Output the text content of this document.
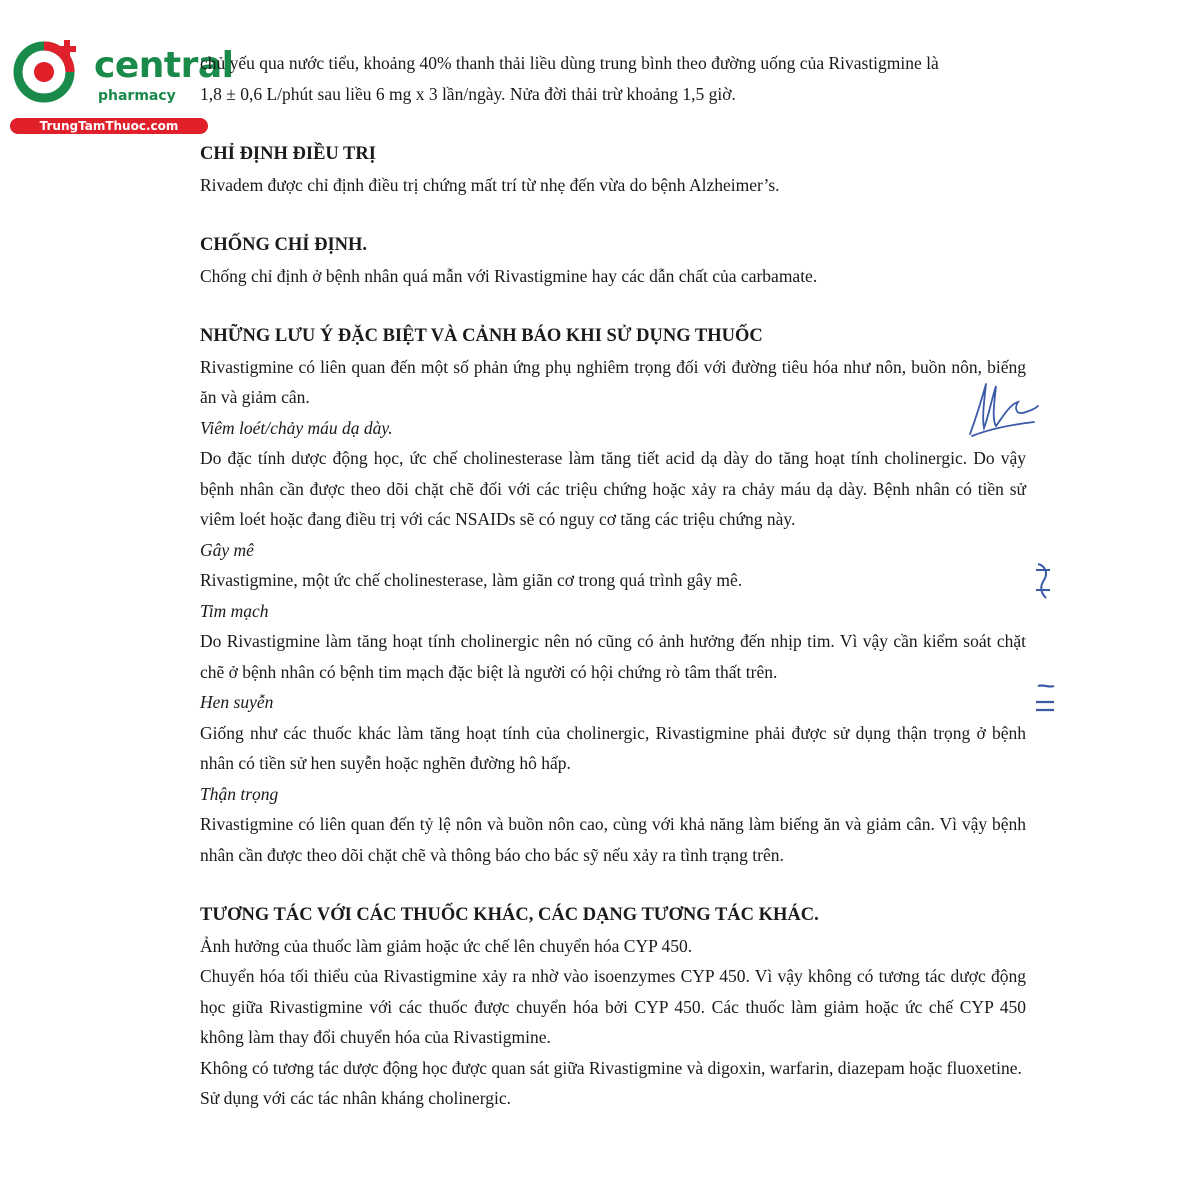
central
pharmacy
TrungTamThuoc.com

chủ yếu qua nước tiểu, khoảng 40% thanh thải liều dùng trung bình theo đường uống của Rivastigmine là

1,8 ± 0,6 L/phút sau liều 6 mg x 3 lần/ngày. Nửa đời thải trừ khoảng 1,5 giờ.

CHỈ ĐỊNH ĐIỀU TRỊ

Rivadem được chỉ định điều trị chứng mất trí từ nhẹ đến vừa do bệnh Alzheimer’s.

CHỐNG CHỈ ĐỊNH.

Chống chỉ định ở bệnh nhân quá mẫn với Rivastigmine hay các dẫn chất của carbamate.

NHỮNG LƯU Ý ĐẶC BIỆT VÀ CẢNH BÁO KHI SỬ DỤNG THUỐC

Rivastigmine có liên quan đến một số phản ứng phụ nghiêm trọng đối với đường tiêu hóa như nôn, buồn nôn, biếng ăn và giảm cân.

Viêm loét/chảy máu dạ dày.

Do đặc tính dược động học, ức chế cholinesterase làm tăng tiết acid dạ dày do tăng hoạt tính cholinergic. Do vậy bệnh nhân cần được theo dõi chặt chẽ đối với các triệu chứng hoặc xảy ra chảy máu dạ dày. Bệnh nhân có tiền sử viêm loét hoặc đang điều trị với các NSAIDs sẽ có nguy cơ tăng các triệu chứng này.

Gây mê

Rivastigmine, một ức chế cholinesterase, làm giãn cơ trong quá trình gây mê.

Tim mạch

Do Rivastigmine làm tăng hoạt tính cholinergic nên nó cũng có ảnh hưởng đến nhịp tim. Vì vậy cần kiểm soát chặt chẽ ở bệnh nhân có bệnh tim mạch đặc biệt là người có hội chứng rò tâm thất trên.

Hen suyễn

Giống như các thuốc khác làm tăng hoạt tính của cholinergic, Rivastigmine phải được sử dụng thận trọng ở bệnh nhân có tiền sử hen suyễn hoặc nghẽn đường hô hấp.

Thận trọng

Rivastigmine có liên quan đến tỷ lệ nôn và buồn nôn cao, cùng với khả năng làm biếng ăn và giảm cân. Vì vậy bệnh nhân cần được theo dõi chặt chẽ và thông báo cho bác sỹ nếu xảy ra tình trạng trên.

TƯƠNG TÁC VỚI CÁC THUỐC KHÁC, CÁC DẠNG TƯƠNG TÁC KHÁC.

Ảnh hưởng của thuốc làm giảm hoặc ức chế lên chuyển hóa CYP 450.

Chuyển hóa tối thiểu của Rivastigmine xảy ra nhờ vào isoenzymes CYP 450. Vì vậy không có tương tác dược động học giữa Rivastigmine với các thuốc được chuyển hóa bởi CYP 450. Các thuốc làm giảm hoặc ức chế CYP 450 không làm thay đổi chuyển hóa của Rivastigmine.

Không có tương tác dược động học được quan sát giữa Rivastigmine và digoxin, warfarin, diazepam hoặc fluoxetine.

Sử dụng với các tác nhân kháng cholinergic.
